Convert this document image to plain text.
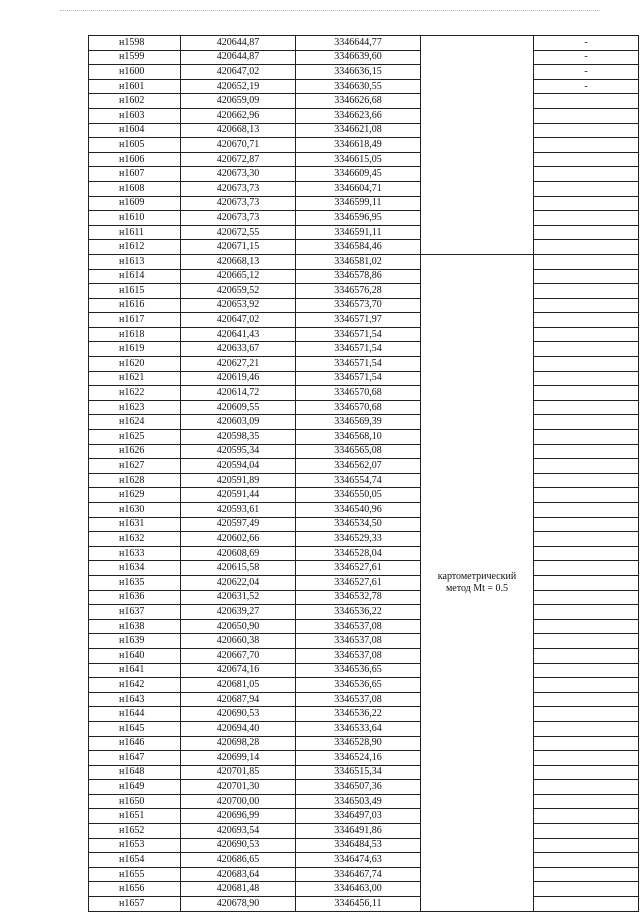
н1598	420644,87	3346644,77		-
н1599	420644,87	3346639,60		-
н1600	420647,02	3346636,15		-
н1601	420652,19	3346630,55		-
н1602	420659,09	3346626,68		
н1603	420662,96	3346623,66		
н1604	420668,13	3346621,08		
н1605	420670,71	3346618,49		
н1606	420672,87	3346615,05		
н1607	420673,30	3346609,45		
н1608	420673,73	3346604,71		
н1609	420673,73	3346599,11		
н1610	420673,73	3346596,95		
н1611	420672,55	3346591,11		
н1612	420671,15	3346584,46		
н1613	420668,13	3346581,02	картометрический
метод Mt = 0.5	

н1614	420665,12	3346578,86		
н1615	420659,52	3346576,28		
н1616	420653,92	3346573,70		
н1617	420647,02	3346571,97		
н1618	420641,43	3346571,54		
н1619	420633,67	3346571,54		
н1620	420627,21	3346571,54		
н1621	420619,46	3346571,54		
н1622	420614,72	3346570,68		
н1623	420609,55	3346570,68		
н1624	420603,09	3346569,39		
н1625	420598,35	3346568,10		
н1626	420595,34	3346565,08		
н1627	420594,04	3346562,07		
н1628	420591,89	3346554,74		
н1629	420591,44	3346550,05		
н1630	420593,61	3346540,96		
н1631	420597,49	3346534,50		
н1632	420602,66	3346529,33		
н1633	420608,69	3346528,04		
н1634	420615,58	3346527,61		
н1635	420622,04	3346527,61		
н1636	420631,52	3346532,78		
н1637	420639,27	3346536,22		
н1638	420650,90	3346537,08		
н1639	420660,38	3346537,08		
н1640	420667,70	3346537,08		
н1641	420674,16	3346536,65		
н1642	420681,05	3346536,65		
н1643	420687,94	3346537,08		
н1644	420690,53	3346536,22		
н1645	420694,40	3346533,64		
н1646	420698,28	3346528,90		
н1647	420699,14	3346524,16		
н1648	420701,85	3346515,34		
н1649	420701,30	3346507,36		
н1650	420700,00	3346503,49		
н1651	420696,99	3346497,03		
н1652	420693,54	3346491,86		
н1653	420690,53	3346484,53		
н1654	420686,65	3346474,63		
н1655	420683,64	3346467,74		
н1656	420681,48	3346463,00		
н1657	420678,90	3346456,11		
